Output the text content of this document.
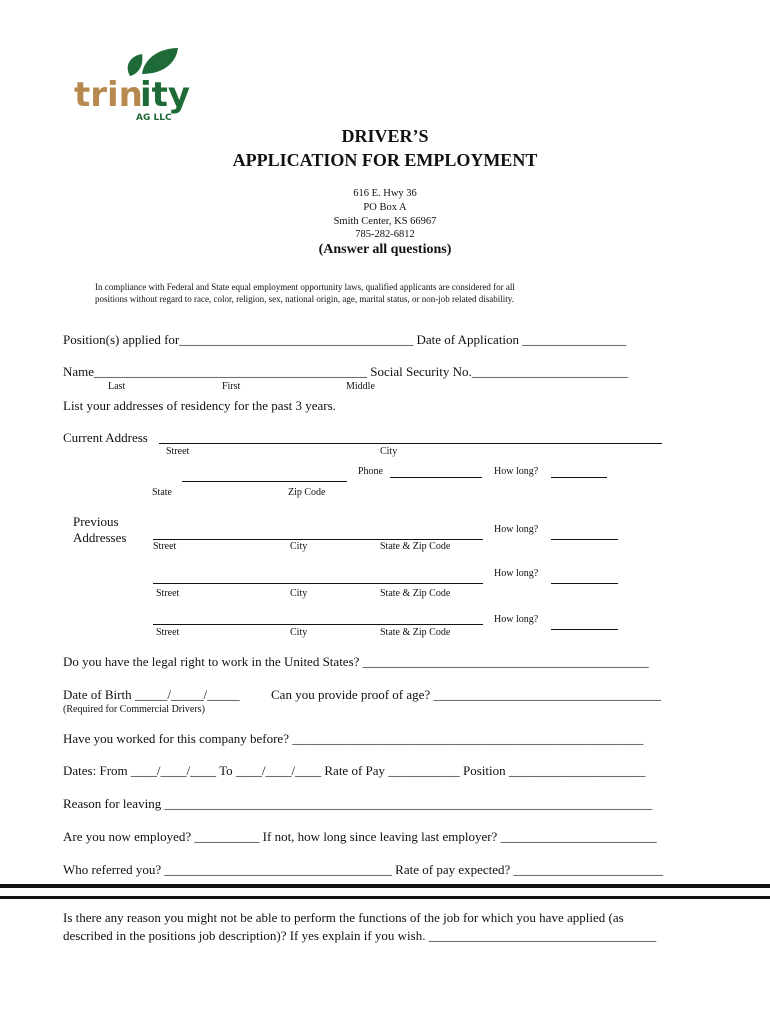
trin
ity
AG LLC
DRIVER’S
APPLICATION FOR EMPLOYMENT
616 E. Hwy 36
PO Box A
Smith Center, KS 66967
785-282-6812
(Answer all questions)
In compliance with Federal and State equal employment opportunity laws, qualified applicants are considered for all
positions without regard to race, color, religion, sex, national origin, age, marital status, or non-job related disability.
Position(s) applied for____________________________________ Date of Application ________________
Name__________________________________________ Social Security No.________________________
Last	First	Middle
List your addresses of residency for the past 3 years.
Current Address
Street	City
Phone	How long?
State	Zip Code
Previous
Addresses
How long?
Street	City	State & Zip Code
How long?
Street	City	State & Zip Code
How long?
Street	City	State & Zip Code
Do you have the legal right to work in the United States? ____________________________________________
Date of Birth _____/_____/_____ Can you provide proof of age? ___________________________________
(Required for Commercial Drivers)
Have you worked for this company before? ______________________________________________________
Dates: From ____/____/____ To ____/____/____ Rate of Pay ___________ Position _____________________
Reason for leaving ___________________________________________________________________________
Are you now employed? __________ If not, how long since leaving last employer? ________________________
Who referred you? ___________________________________ Rate of pay expected? _______________________
Is there any reason you might not be able to perform the functions of the job for which you have applied (as
described in the positions job description)? If yes explain if you wish. ___________________________________
